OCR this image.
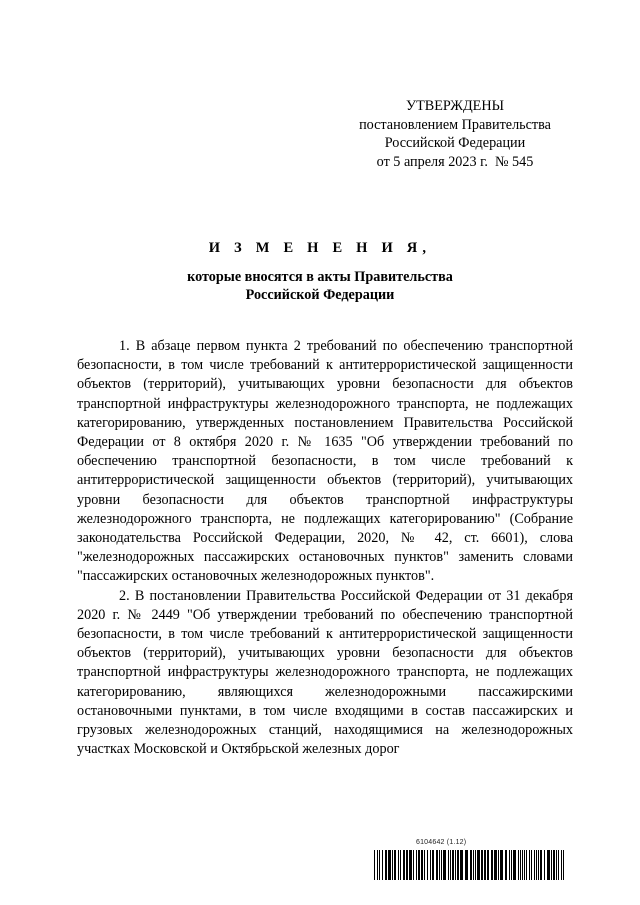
УТВЕРЖДЕНЫ
постановлением Правительства
Российской Федерации
от 5 апреля 2023 г.  № 545
И З М Е Н Е Н И Я,
которые вносятся в акты Правительства
Российской Федерации

1. В абзаце первом пункта 2 требований по обеспечению транспортной безопасности, в том числе требований к антитеррористической защищенности объектов (территорий), учитывающих уровни безопасности для объектов транспортной инфраструктуры железнодорожного транспорта, не подлежащих категорированию, утвержденных постановлением Правительства Российской Федерации от 8 октября 2020 г. № 1635 "Об утверждении требований по обеспечению транспортной безопасности, в том числе требований к антитеррористической защищенности объектов (территорий), учитывающих уровни безопасности для объектов транспортной инфраструктуры железнодорожного транспорта, не подлежащих категорированию" (Собрание законодательства Российской Федерации, 2020, № 42, ст. 6601), слова "железнодорожных пассажирских остановочных пунктов" заменить словами "пассажирских остановочных железнодорожных пунктов".

2. В постановлении Правительства Российской Федерации от 31 декабря 2020 г. № 2449 "Об утверждении требований по обеспечению транспортной безопасности, в том числе требований к антитеррористической защищенности объектов (территорий), учитывающих уровни безопасности для объектов транспортной инфраструктуры железнодорожного транспорта, не подлежащих категорированию, являющихся железнодорожными пассажирскими остановочными пунктами, в том числе входящими в состав пассажирских и грузовых железнодорожных станций, находящимися на железнодорожных участках Московской и Октябрьской железных дорог

6104642 (1.12)
